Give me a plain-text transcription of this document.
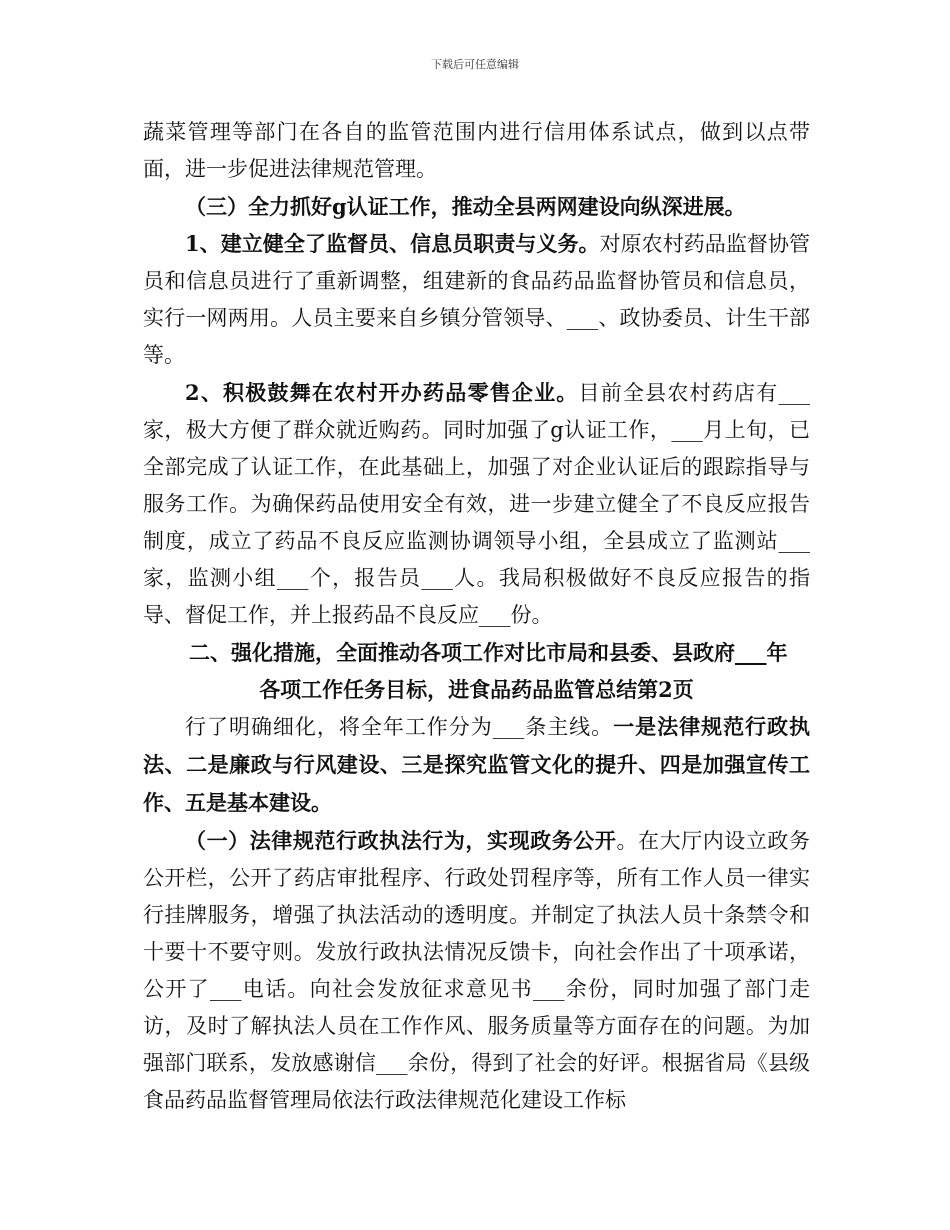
下载后可任意编辑

蔬菜管理等部门在各自的监管范围内进行信用体系试点，做到以点带面，进一步促进法律规范管理。

（三）全力抓好g认证工作，推动全县两网建设向纵深进展。

1、建立健全了监督员、信息员职责与义务。对原农村药品监督协管员和信息员进行了重新调整，组建新的食品药品监督协管员和信息员，实行一网两用。人员主要来自乡镇分管领导、___、政协委员、计生干部等。

2、积极鼓舞在农村开办药品零售企业。目前全县农村药店有___家，极大方便了群众就近购药。同时加强了g认证工作，___月上旬，已全部完成了认证工作，在此基础上，加强了对企业认证后的跟踪指导与服务工作。为确保药品使用安全有效，进一步建立健全了不良反应报告制度，成立了药品不良反应监测协调领导小组，全县成立了监测站___家，监测小组___个，报告员___人。我局积极做好不良反应报告的指导、督促工作，并上报药品不良反应___份。

二、强化措施，全面推动各项工作对比市局和县委、县政府___年

各项工作任务目标，进食品药品监管总结第2页

行了明确细化，将全年工作分为___条主线。一是法律规范行政执法、二是廉政与行风建设、三是探究监管文化的提升、四是加强宣传工作、五是基本建设。

（一）法律规范行政执法行为，实现政务公开。在大厅内设立政务公开栏，公开了药店审批程序、行政处罚程序等，所有工作人员一律实行挂牌服务，增强了执法活动的透明度。并制定了执法人员十条禁令和十要十不要守则。发放行政执法情况反馈卡，向社会作出了十项承诺，公开了___电话。向社会发放征求意见书___余份，同时加强了部门走访，及时了解执法人员在工作作风、服务质量等方面存在的问题。为加强部门联系，发放感谢信___余份，得到了社会的好评。根据省局《县级食品药品监督管理局依法行政法律规范化建设工作标
